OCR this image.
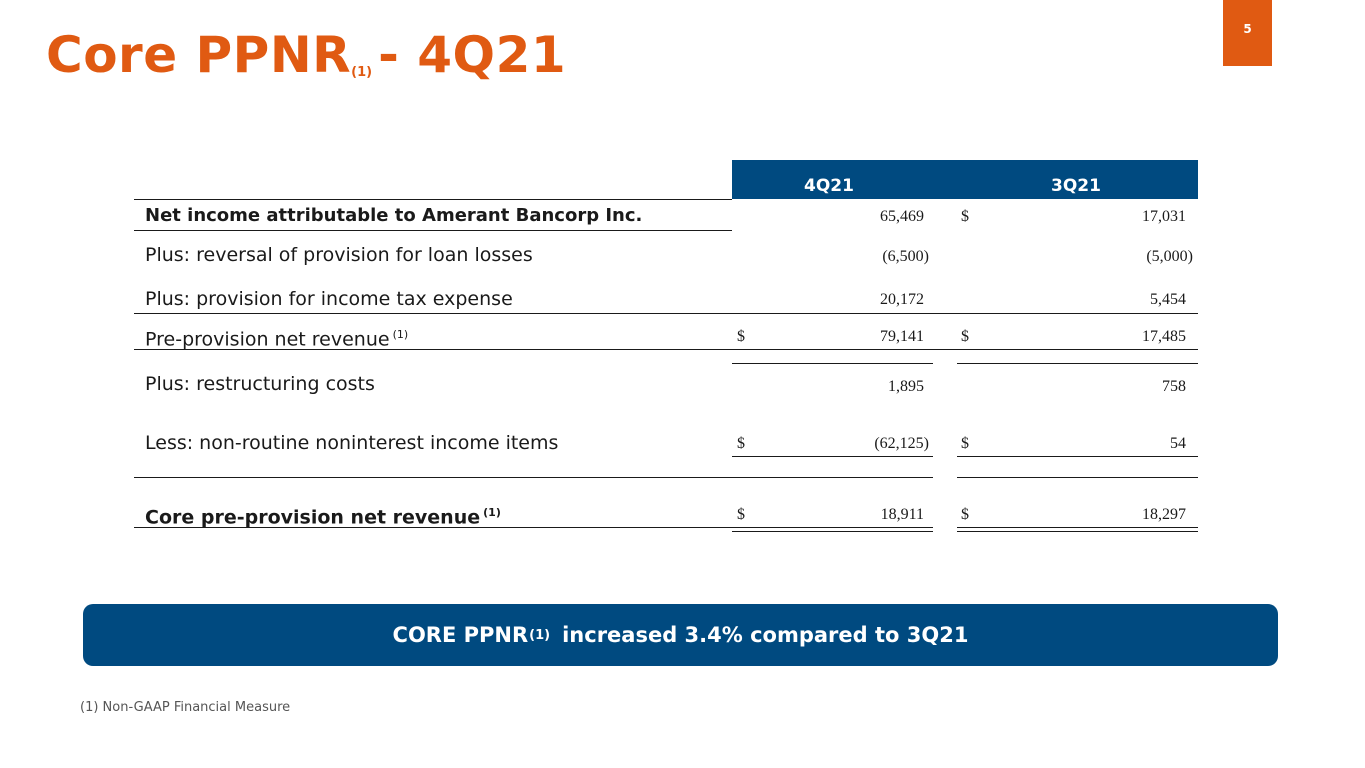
Core $PPNR_{(1)} - 4Q21$	5
4Q21	3Q21
Net income attributable to Amerant Bancorp Inc.	65,469 $	17,031
Plus: reversal of provision for loan losses	(6,500)	(5,000)
Plus: provision for income tax expense	20,172	5,454
Pre-provision net revenue $^{(1)}$	$	79,141 $	17,485
Plus: restructuring costs	1,895	758
Less: non-routine noninterest income items	$	(62,125) $	54
Core pre-provision net revenue $^{(1)}$	$	18,911 $	18,297
CORE PPNR (1) increased 3.4% compared to 3Q21
(1) Non-GAAP Financial Measure
